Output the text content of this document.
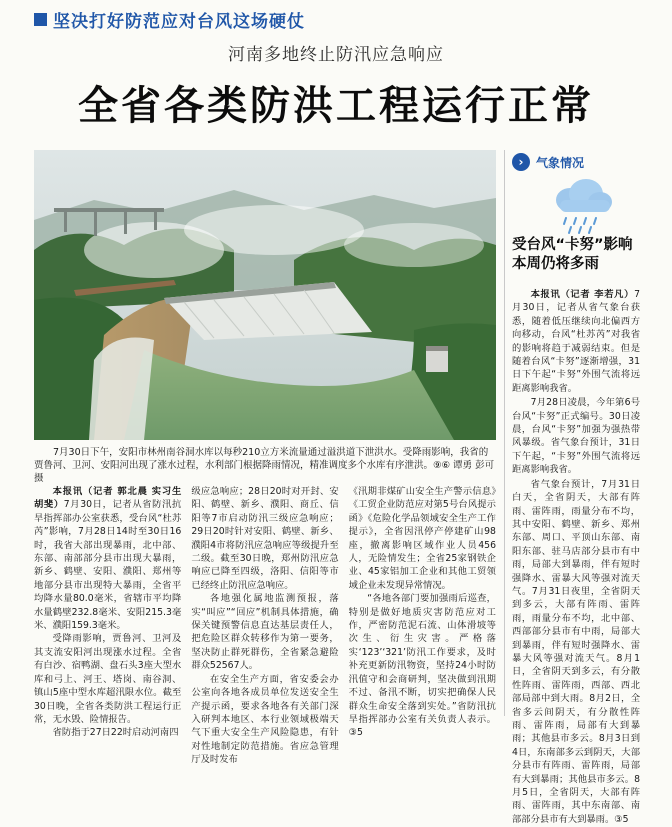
坚决打好防范应对台风这场硬仗
河南多地终止防汛应急响应
全省各类防洪工程运行正常
7月30日下午，安阳市林州南谷洞水库以每秒210立方米流量通过溢洪道下泄洪水。受降雨影响，我省的贾鲁河、卫河、安阳河出现了涨水过程，水利部门根据降雨情况，精准调度多个水库有序泄洪。⑨⑥ 谭勇 彭可 摄
›	气象情况
受台风“卡努”影响本周仍将多雨

本报讯（记者 李若凡）7月30日，记者从省气象台获悉，随着低压继续向北偏西方向移动，台风“杜苏芮”对我省的影响将趋于减弱结束。但是随着台风“卡努”逐渐增强，31日下午起“卡努”外围气流将远距离影响我省。

7月28日凌晨，今年第6号台风“卡努”正式编号。30日凌晨，台风“卡努”加强为强热带风暴级。省气象台预计，31日下午起，“卡努”外围气流将远距离影响我省。

省气象台预计，7月31日白天，全省阴天，大部有阵雨、雷阵雨，雨量分布不均，其中安阳、鹤壁、新乡、郑州东部、周口、平顶山东部、南阳东部、驻马店部分县市有中雨，局部大到暴雨，伴有短时强降水、雷暴大风等强对流天气。7月31日夜里，全省阴天到多云，大部有阵雨、雷阵雨，雨量分布不均，北中部、西部部分县市有中雨，局部大到暴雨，伴有短时强降水、雷暴大风等强对流天气。8月1日，全省阴天到多云，有分散性阵雨、雷阵雨，西部、西北部局部中到大雨。8月2日，全省多云间阴天，有分散性阵雨、雷阵雨，局部有大到暴雨；其他县市多云。8月3日到4日，东南部多云到阴天，大部分县市有阵雨、雷阵雨，局部有大到暴雨；其他县市多云。8月5日，全省阴天，大部有阵雨、雷阵雨，其中东南部、南部部分县市有大到暴雨。③5

本报讯（记者 郭北晨 实习生 胡斐）7月30日，记者从省防汛抗旱指挥部办公室获悉，受台风“杜苏芮”影响，7月28日14时至30日16时，我省大部出现暴雨，北中部、东部、南部部分县市出现大暴雨，新乡、鹤壁、安阳、濮阳、郑州等地部分县市出现特大暴雨，全省平均降水量80.0毫米，省辖市平均降水量鹤壁232.8毫米、安阳215.3毫米、濮阳159.3毫米。

受降雨影响，贾鲁河、卫河及其支流安阳河出现涨水过程。全省有白沙、宿鸭湖、盘石头3座大型水库和弓上、河王、塔岗、南谷洞、镇山5座中型水库超汛限水位。截至30日晚，全省各类防洪工程运行正常，无水毁、险情报告。

省防指于27日22时启动河南四

级应急响应；28日20时对开封、安阳、鹤壁、新乡、濮阳、商丘、信阳等7市启动防汛三级应急响应；29日20时针对安阳、鹤壁、新乡、濮阳4市将防汛应急响应等级提升至二级。截至30日晚，郑州防汛应急响应已降至四级，洛阳、信阳等市已经终止防汛应急响应。

各地强化属地监测预报，落实“叫应”“回应”机制具体措施，确保关键预警信息直达基层责任人，把危险区群众转移作为第一要务，坚决防止群死群伤，全省紧急避险群众52567人。

在安全生产方面，省安委会办公室向各地各成员单位发送安全生产提示函，要求各地各有关部门深入研判本地区、本行业领域极端天气下重大安全生产风险隐患，有针对性地制定防范措施。省应急管理厅及时发布

《汛期非煤矿山安全生产警示信息》《工贸企业防范应对第5号台风提示函》《危险化学品领域安全生产工作提示》，全省因汛停产停建矿山98座，撤离影响区域作业人员456人，无险情发生；全省25家钢铁企业、45家铝加工企业和其他工贸领域企业未发现异常情况。

“各地各部门要加强雨后巡查，特别是做好地质灾害防范应对工作，严密防范泥石流、山体滑坡等次生、衍生灾害。严格落实‘123’‘321’防汛工作要求，及时补充更新防汛物资，坚持24小时防汛值守和会商研判，坚决做到汛期不过、备汛不断，切实把确保人民群众生命安全落到实处。”省防汛抗旱指挥部办公室有关负责人表示。③5
